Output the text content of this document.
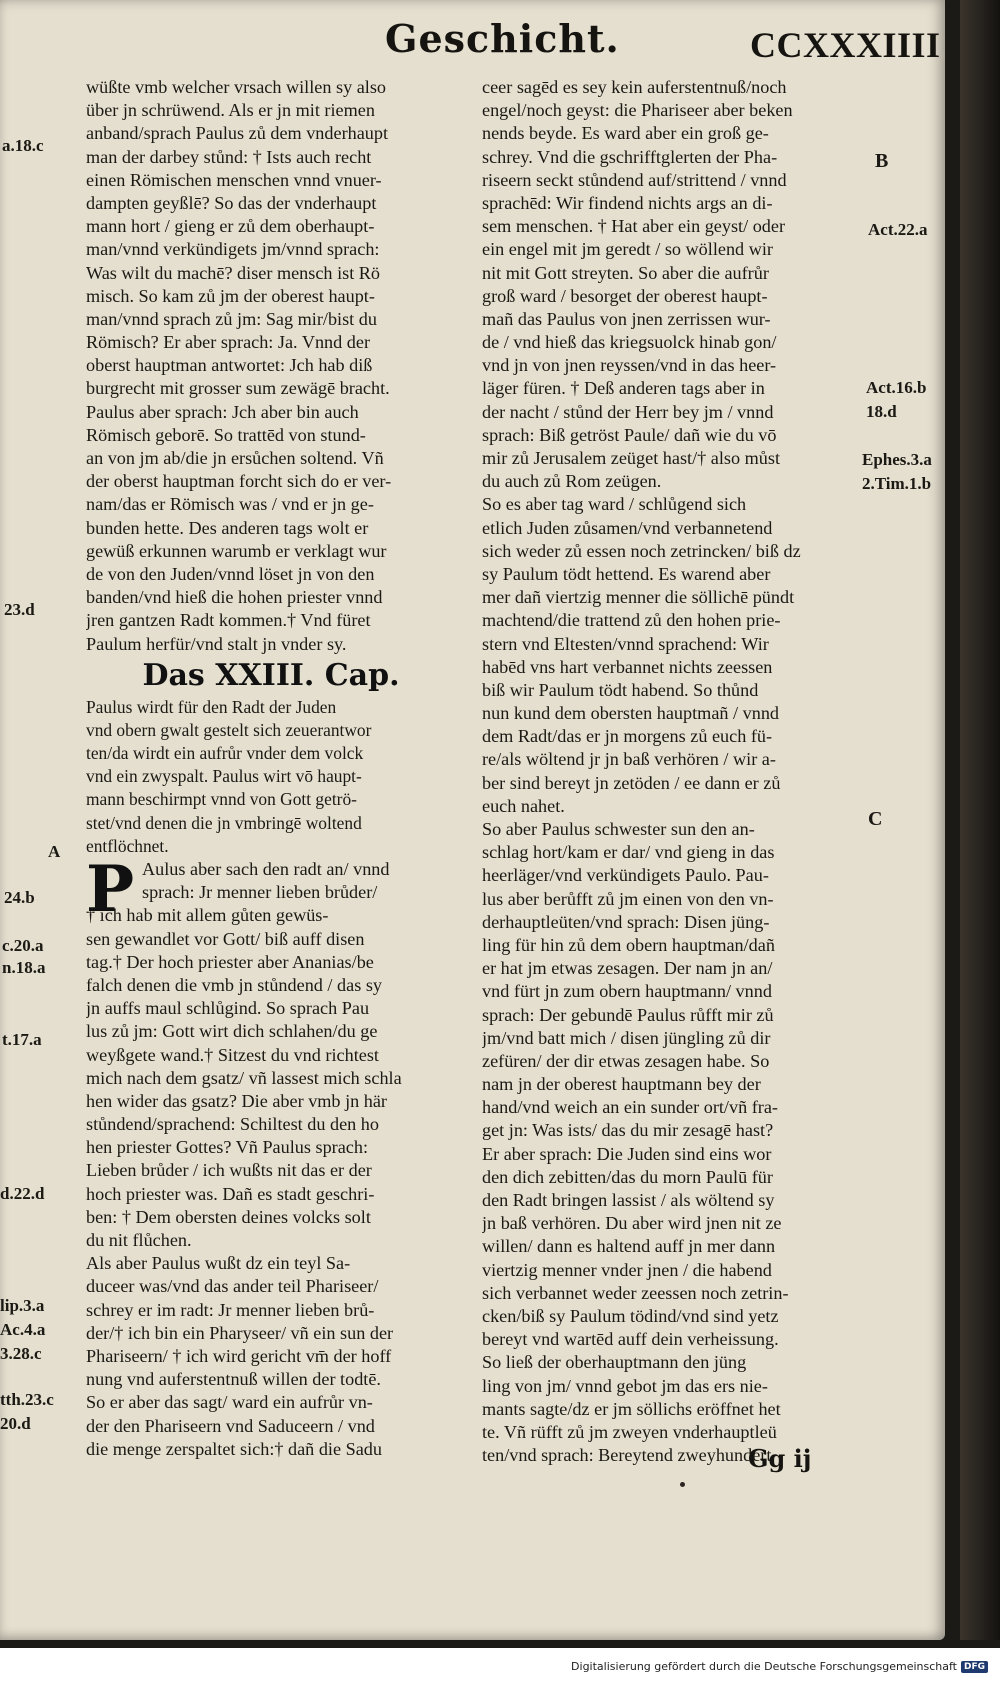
Geschicht.	CCXXXIIII
wüßte vmb welcher vrsach willen sy also
über jn schrüwend. Als er jn mit riemen
anband/sprach Paulus zů dem vnderhaupt
man der darbey stůnd: † Ists auch recht
einen Römischen menschen vnnd vnuer-
dampten geyßlē? So das der vnderhaupt
mann hort / gieng er zů dem oberhaupt-
man/vnnd verkündigets jm/vnnd sprach:
Was wilt du machē? diser mensch ist Rö
misch. So kam zů jm der oberest haupt-
man/vnnd sprach zů jm: Sag mir/bist du
Römisch? Er aber sprach: Ja. Vnnd der
oberst hauptman antwortet: Jch hab diß
burgrecht mit grosser sum zewägē bracht.
Paulus aber sprach: Jch aber bin auch
Römisch geborē. So trattēd von stund-
an von jm ab/die jn ersůchen soltend. Vñ
der oberst hauptman forcht sich do er ver-
nam/das er Römisch was / vnd er jn ge-
bunden hette. Des anderen tags wolt er
gewüß erkunnen warumb er verklagt wur
de von den Juden/vnnd löset jn von den
banden/vnd hieß die hohen priester vnnd
jren gantzen Radt kommen.† Vnd füret
Paulum herfür/vnd stalt jn vnder sy.
Das XXIII. Cap.
Paulus wirdt für den Radt der Juden
vnd obern gwalt gestelt sich zeuerantwor
ten/da wirdt ein aufrůr vnder dem volck
vnd ein zwyspalt. Paulus wirt vō haupt-
mann beschirmpt vnnd von Gott getrö-
stet/vnd denen die jn vmbringē woltend
entflöchnet.
P Aulus aber sach den radt an/ vnnd
sprach: Jr menner lieben brůder/
† ich hab mit allem gůten gewüs-
sen gewandlet vor Gott/ biß auff disen
tag.† Der hoch priester aber Ananias/be
falch denen die vmb jn stůndend / das sy
jn auffs maul schlůgind. So sprach Pau
lus zů jm: Gott wirt dich schlahen/du ge
weyßgete wand.† Sitzest du vnd richtest
mich nach dem gsatz/ vñ lassest mich schla
hen wider das gsatz? Die aber vmb jn här
stůndend/sprachend: Schiltest du den ho
hen priester Gottes? Vñ Paulus sprach:
Lieben brůder / ich wußts nit das er der
hoch priester was. Dañ es stadt geschri-
ben: † Dem obersten deines volcks solt
du nit flůchen.
Als aber Paulus wußt dz ein teyl Sa-
duceer was/vnd das ander teil Phariseer/
schrey er im radt: Jr menner lieben brů-
der/† ich bin ein Pharyseer/ vñ ein sun der
Phariseern/ † ich wird gericht vm̄ der hoff
nung vnd auferstentnuß willen der todtē.
So er aber das sagt/ ward ein aufrůr vn-
der den Phariseern vnd Saduceern / vnd
die menge zerspaltet sich:† dañ die Sadu
ceer sagēd es sey kein auferstentnuß/noch
engel/noch geyst: die Phariseer aber beken
nends beyde. Es ward aber ein groß ge-
schrey. Vnd die gschrifftglerten der Pha-
riseern seckt stůndend auf/strittend / vnnd
sprachēd: Wir findend nichts args an di-
sem menschen. † Hat aber ein geyst/ oder
ein engel mit jm geredt / so wöllend wir
nit mit Gott streyten. So aber die aufrůr
groß ward / besorget der oberest haupt-
mañ das Paulus von jnen zerrissen wur-
de / vnd hieß das kriegsuolck hinab gon/
vnd jn von jnen reyssen/vnd in das heer-
läger füren. † Deß anderen tags aber in
der nacht / stůnd der Herr bey jm / vnnd
sprach: Biß getröst Paule/ dañ wie du vō
mir zů Jerusalem zeüget hast/† also můst
du auch zů Rom zeügen.
So es aber tag ward / schlůgend sich
etlich Juden zůsamen/vnd verbannetend
sich weder zů essen noch zetrincken/ biß dz
sy Paulum tödt hettend. Es warend aber
mer dañ viertzig menner die söllichē pündt
machtend/die trattend zů den hohen prie-
stern vnd Eltesten/vnnd sprachend: Wir
habēd vns hart verbannet nichts zeessen
biß wir Paulum tödt habend. So thůnd
nun kund dem obersten hauptmañ / vnnd
dem Radt/das er jn morgens zů euch fü-
re/als wöltend jr jn baß verhören / wir a-
ber sind bereyt jn zetöden / ee dann er zů
euch nahet.
So aber Paulus schwester sun den an-
schlag hort/kam er dar/ vnd gieng in das
heerläger/vnd verkündigets Paulo. Pau-
lus aber berůfft zů jm einen von den vn-
derhauptleüten/vnd sprach: Disen jüng-
ling für hin zů dem obern hauptman/dañ
er hat jm etwas zesagen. Der nam jn an/
vnd fürt jn zum obern hauptmann/ vnnd
sprach: Der gebundē Paulus růfft mir zů
jm/vnd batt mich / disen jüngling zů dir
zefüren/ der dir etwas zesagen habe. So
nam jn der oberest hauptmann bey der
hand/vnd weich an ein sunder ort/vñ fra-
get jn: Was ists/ das du mir zesagē hast?
Er aber sprach: Die Juden sind eins wor
den dich zebitten/das du morn Paulū für
den Radt bringen lassist / als wöltend sy
jn baß verhören. Du aber wird jnen nit ze
willen/ dann es haltend auff jn mer dann
viertzig menner vnder jnen / die habend
sich verbannet weder zeessen noch zetrin-
cken/biß sy Paulum tödind/vnd sind yetz
bereyt vnd wartēd auff dein verheissung.
So ließ der oberhauptmann den jüng
ling von jm/ vnnd gebot jm das ers nie-
mants sagte/dz er jm söllichs eröffnet het
te. Vñ rüfft zů jm zweyen vnderhauptleü
ten/vnd sprach: Bereytend zweyhundert
a.18.c
23.d
A
24.b
c.20.a
n.18.a
t.17.a
d.22.d
lip.3.a
Ac.4.a
3.28.c
tth.23.c
20.d
B
Act.22.a
Act.16.b
18.d
Ephes.3.a
2.Tim.1.b
C
Gg ij
Digitalisierung gefördert durch die Deutsche Forschungsgemeinschaft DFG
